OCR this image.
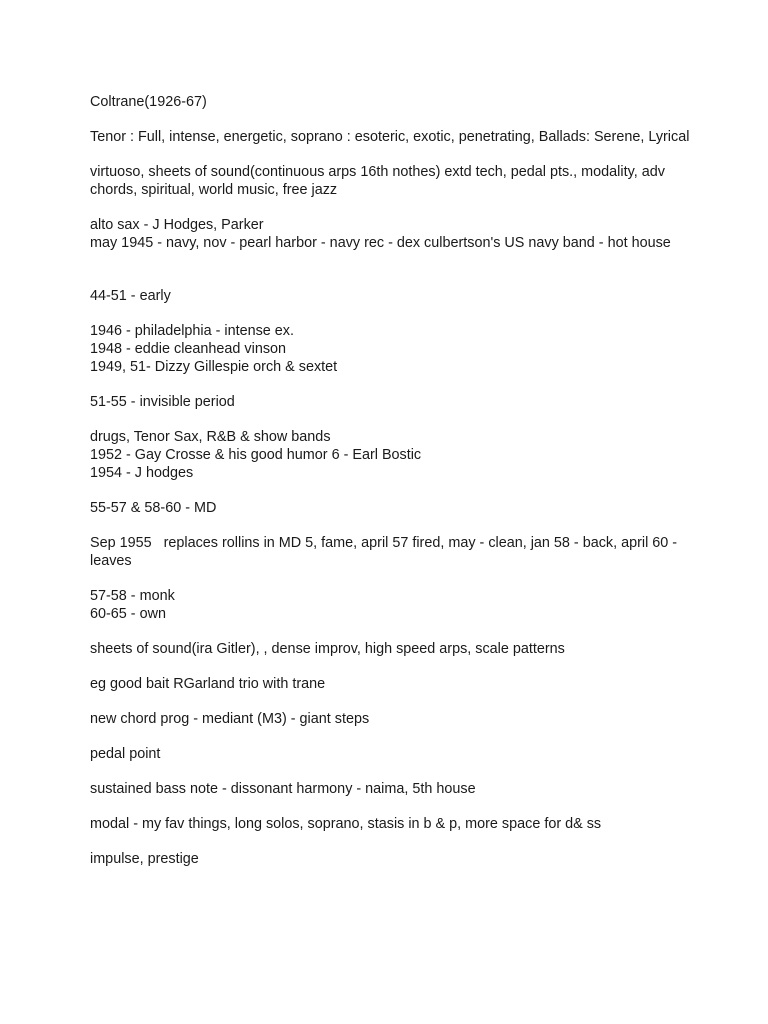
Coltrane(1926-67)

Tenor : Full, intense, energetic, soprano : esoteric, exotic, penetrating, Ballads: Serene, Lyrical

virtuoso, sheets of sound(continuous arps 16th nothes) extd tech, pedal pts., modality, adv chords, spiritual, world music, free jazz

alto sax - J Hodges, Parker
may 1945 - navy, nov - pearl harbor - navy rec - dex culbertson's US navy band - hot house

44-51 - early

1946 - philadelphia - intense ex.
1948 - eddie cleanhead vinson
1949, 51- Dizzy Gillespie orch & sextet

51-55 - invisible period

drugs, Tenor Sax, R&B & show bands
1952 - Gay Crosse & his good humor 6 - Earl Bostic
1954 - J hodges

55-57 & 58-60 - MD

Sep 1955   replaces rollins in MD 5, fame, april 57 fired, may - clean, jan 58 - back, april 60 - leaves

57-58 - monk
60-65 - own

sheets of sound(ira Gitler), , dense improv, high speed arps, scale patterns

eg good bait RGarland trio with trane

new chord prog - mediant (M3) - giant steps

pedal point

sustained bass note - dissonant harmony - naima, 5th house

modal - my fav things, long solos, soprano, stasis in b & p, more space for d& ss

impulse, prestige
